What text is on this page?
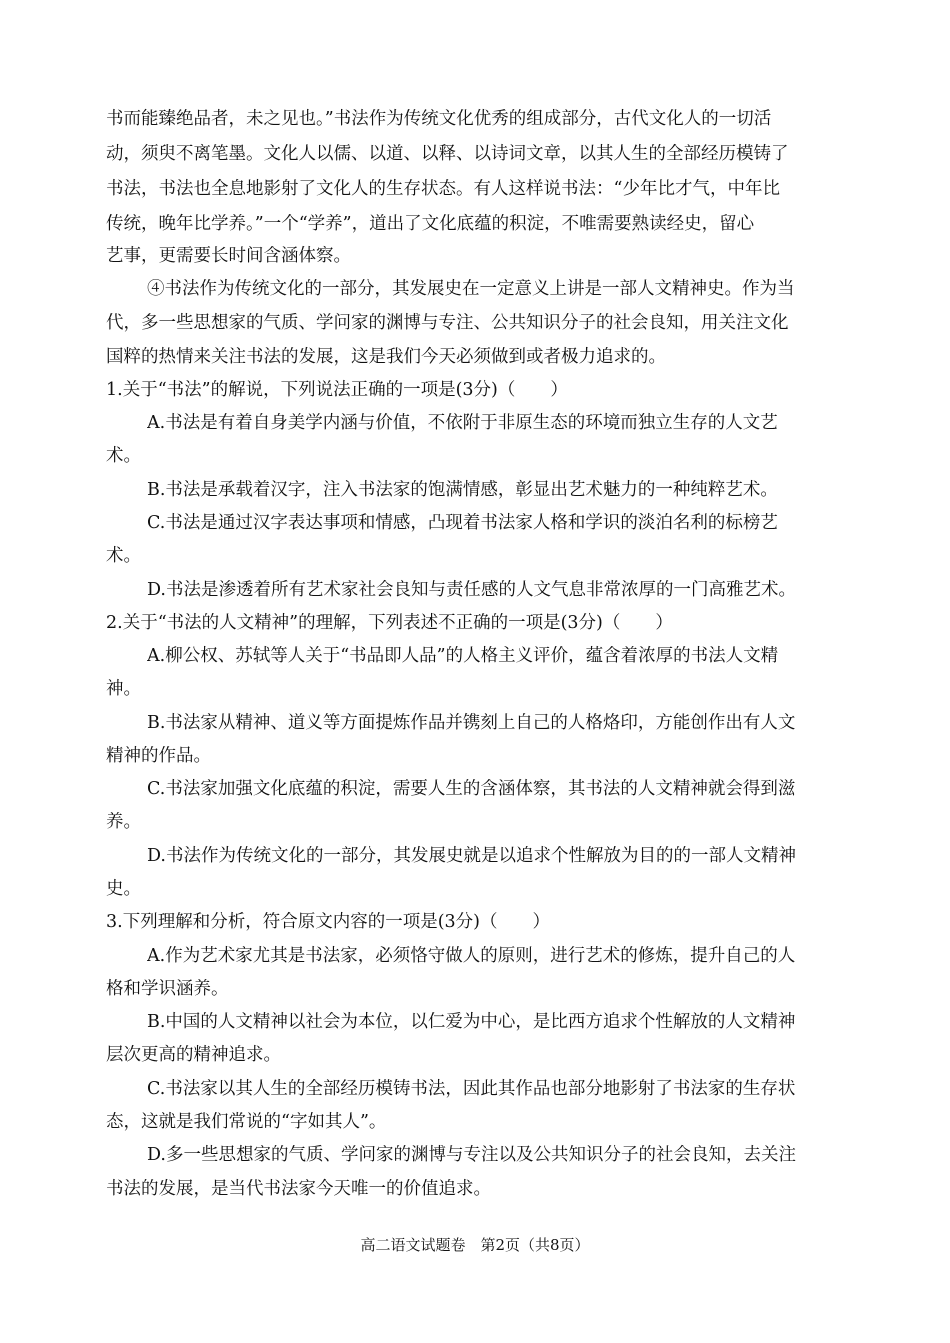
书而能臻绝品者，未之见也。”书法作为传统文化优秀的组成部分，古代文化人的一切活
动，须臾不离笔墨。文化人以儒、以道、以释、以诗词文章，以其人生的全部经历模铸了
书法，书法也全息地影射了文化人的生存状态。有人这样说书法：“少年比才气，中年比
传统，晚年比学养。”一个“学养”，道出了文化底蕴的积淀，不唯需要熟读经史，留心
艺事，更需要长时间含涵体察。
④书法作为传统文化的一部分，其发展史在一定意义上讲是一部人文精神史。作为当
代，多一些思想家的气质、学问家的渊博与专注、公共知识分子的社会良知，用关注文化
国粹的热情来关注书法的发展，这是我们今天必须做到或者极力追求的。
1.关于“书法”的解说，下列说法正确的一项是(3分)（　　）
A.书法是有着自身美学内涵与价值，不依附于非原生态的环境而独立生存的人文艺
术。
B.书法是承载着汉字，注入书法家的饱满情感，彰显出艺术魅力的一种纯粹艺术。
C.书法是通过汉字表达事项和情感，凸现着书法家人格和学识的淡泊名利的标榜艺
术。
D.书法是渗透着所有艺术家社会良知与责任感的人文气息非常浓厚的一门高雅艺术。
2.关于“书法的人文精神”的理解，下列表述不正确的一项是(3分)（　　）
A.柳公权、苏轼等人关于“书品即人品”的人格主义评价，蕴含着浓厚的书法人文精
神。
B.书法家从精神、道义等方面提炼作品并镌刻上自己的人格烙印，方能创作出有人文
精神的作品。
C.书法家加强文化底蕴的积淀，需要人生的含涵体察，其书法的人文精神就会得到滋
养。
D.书法作为传统文化的一部分，其发展史就是以追求个性解放为目的的一部人文精神
史。
3.下列理解和分析，符合原文内容的一项是(3分)（　　）
A.作为艺术家尤其是书法家，必须恪守做人的原则，进行艺术的修炼，提升自己的人
格和学识涵养。
B.中国的人文精神以社会为本位，以仁爱为中心，是比西方追求个性解放的人文精神
层次更高的精神追求。
C.书法家以其人生的全部经历模铸书法，因此其作品也部分地影射了书法家的生存状
态，这就是我们常说的“字如其人”。
D.多一些思想家的气质、学问家的渊博与专注以及公共知识分子的社会良知，去关注
书法的发展，是当代书法家今天唯一的价值追求。
高二语文试题卷　第2页（共8页）
